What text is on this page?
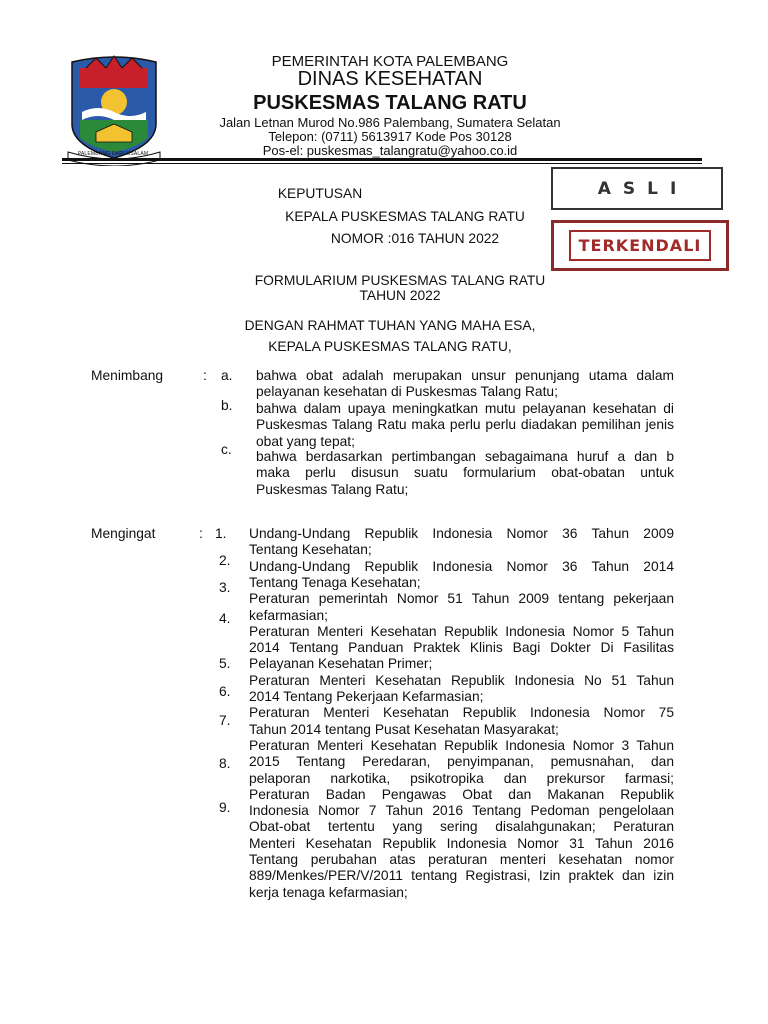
PALEMBANG DARUSSALAM
PEMERINTAH KOTA PALEMBANG
DINAS KESEHATAN
PUSKESMAS TALANG RATU
Jalan Letnan Murod No.986 Palembang, Sumatera Selatan
Telepon: (0711) 5613917 Kode Pos 30128
Pos-el: puskesmas_talangratu@yahoo.co.id
ASLI
TERKENDALI
KEPUTUSAN
KEPALA PUSKESMAS TALANG RATU
NOMOR :016 TAHUN 2022
FORMULARIUM PUSKESMAS TALANG RATU
TAHUN 2022
DENGAN RAHMAT TUHAN YANG MAHA ESA,
KEPALA PUSKESMAS TALANG RATU,
Menimbang	: a. bahwa obat adalah merupakan unsur penunjang utama dalam pelayanan kesehatan di Puskesmas Talang Ratu;
b. bahwa dalam upaya meningkatkan mutu pelayanan kesehatan di Puskesmas Talang Ratu maka perlu perlu diadakan pemilihan jenis obat yang tepat;
c. bahwa berdasarkan pertimbangan sebagaimana huruf a dan b maka perlu disusun suatu formularium obat-obatan untuk Puskesmas Talang Ratu;
Mengingat	: 1.
2.
3.
4.
5.
6.
7.
8.
9.
Undang-Undang Republik Indonesia Nomor 36 Tahun 2009
Tentang Kesehatan;
Undang-Undang Republik Indonesia Nomor 36 Tahun 2014
Tentang Tenaga Kesehatan;
Peraturan pemerintah Nomor 51 Tahun 2009 tentang pekerjaan
kefarmasian;
Peraturan Menteri Kesehatan Republik Indonesia Nomor 5 Tahun
2014 Tentang Panduan Praktek Klinis Bagi Dokter Di Fasilitas
Pelayanan Kesehatan Primer;
Peraturan Menteri Kesehatan Republik Indonesia No 51 Tahun
2014 Tentang Pekerjaan Kefarmasian;
Peraturan Menteri Kesehatan Republik Indonesia Nomor 75
Tahun 2014 tentang Pusat Kesehatan Masyarakat;
Peraturan Menteri Kesehatan Republik Indonesia Nomor 3 Tahun
2015 Tentang Peredaran, penyimpanan, pemusnahan, dan
pelaporan narkotika, psikotropika dan prekursor farmasi;
Peraturan Badan Pengawas Obat dan Makanan Republik
Indonesia Nomor 7 Tahun 2016 Tentang Pedoman pengelolaan
Obat-obat tertentu yang sering disalahgunakan; Peraturan
Menteri Kesehatan Republik Indonesia Nomor 31 Tahun 2016
Tentang perubahan atas peraturan menteri kesehatan nomor
889/Menkes/PER/V/2011 tentang Registrasi, Izin praktek dan izin
kerja tenaga kefarmasian;
